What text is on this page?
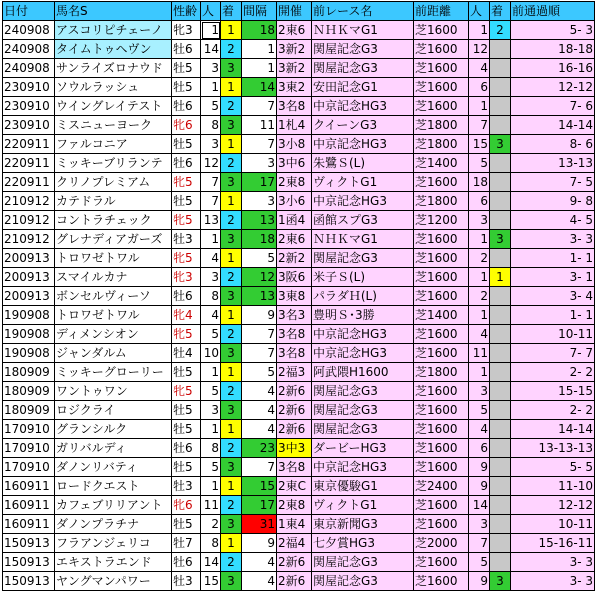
日付	馬名S	性齢	人	着	間隔	開催	前レース名	前距離	人	着	前通過順
240908	アスコリピチェーノ	牝3	1	1	18	2東6	ＮＨＫマG1	芝1600	1	2	5- 3
240908	タイムトゥヘヴン	牡6	14	2	1	3新2	関屋記念G3	芝1600	12		18-18
240908	サンライズロナウド	牡5	3	3	1	3新2	関屋記念G3	芝1600	4		16-16
230910	ソウルラッシュ	牡5	1	1	14	3東2	安田記念G1	芝1600	6		12-12
230910	ウイングレイテスト	牡6	5	2	7	3名8	中京記念HG3	芝1600	1		7- 6
230910	ミスニューヨーク	牝6	8	3	11	1札4	クイーンG3	芝1800	7		14-14
220911	ファルコニア	牡5	3	1	7	3小8	中京記念HG3	芝1800	15	3	8- 6
220911	ミッキーブリランテ	牡6	12	2	3	3中6	朱鷺Ｓ(L)	芝1400	5		13-13
220911	クリノプレミアム	牝5	7	3	17	2東8	ヴィクトG1	芝1600	18		7- 5
210912	カテドラル	牡5	7	1	3	3小6	中京記念HG3	芝1800	6		9- 8
210912	コントラチェック	牝5	13	2	13	1函4	函館スプG3	芝1200	3		4- 5
210912	グレナディアガーズ	牡3	1	3	18	2東6	ＮＨＫマG1	芝1600	1	3	3- 3
200913	トロワゼトワル	牝5	4	1	5	2新2	関屋記念G3	芝1600	2		1- 1
200913	スマイルカナ	牝3	3	2	12	3阪6	米子Ｓ(L)	芝1600	1	1	3- 1
200913	ボンセルヴィーソ	牡6	8	3	13	3東8	パラダＨ(L)	芝1600	2		3- 4
190908	トロワゼトワル	牝4	4	1	9	3名3	豊明Ｓ･3勝	芝1400	1		1- 1
190908	ディメンシオン	牝5	5	2	7	3名8	中京記念HG3	芝1600	4		10-11
190908	ジャンダルム	牡4	10	3	7	3名8	中京記念HG3	芝1600	11		7- 7
180909	ミッキーグローリー	牡5	1	1	5	2福3	阿武隈H1600	芝1800	1		2- 2
180909	ワントゥワン	牝5	5	2	4	2新6	関屋記念G3	芝1600	3		15-15
180909	ロジクライ	牡5	3	3	4	2新6	関屋記念G3	芝1600	5		2- 2
170910	グランシルク	牡5	1	1	4	2新6	関屋記念G3	芝1600	4		14-14
170910	ガリバルディ	牡6	8	2	23	3中3	ダービーHG3	芝1600	6		13-13-13
170910	ダノンリバティ	牡5	5	3	7	3名8	中京記念HG3	芝1600	9		5- 5
160911	ロードクエスト	牡3	1	1	15	2東C	東京優駿G1	芝2400	9		11-10
160911	カフェブリリアント	牝6	11	2	17	2東8	ヴィクトG1	芝1600	14		12-12
160911	ダノンプラチナ	牡5	2	3	31	1東4	東京新聞G3	芝1600	3		10-11
150913	フラアンジェリコ	牡7	8	1	9	2福4	七夕賞HG3	芝2000	7		15-16-11
150913	エキストラエンド	牡6	14	2	4	2新6	関屋記念G3	芝1600	5		3- 3
150913	ヤングマンパワー	牡3	15	3	4	2新6	関屋記念G3	芝1600	9	3	3- 3
